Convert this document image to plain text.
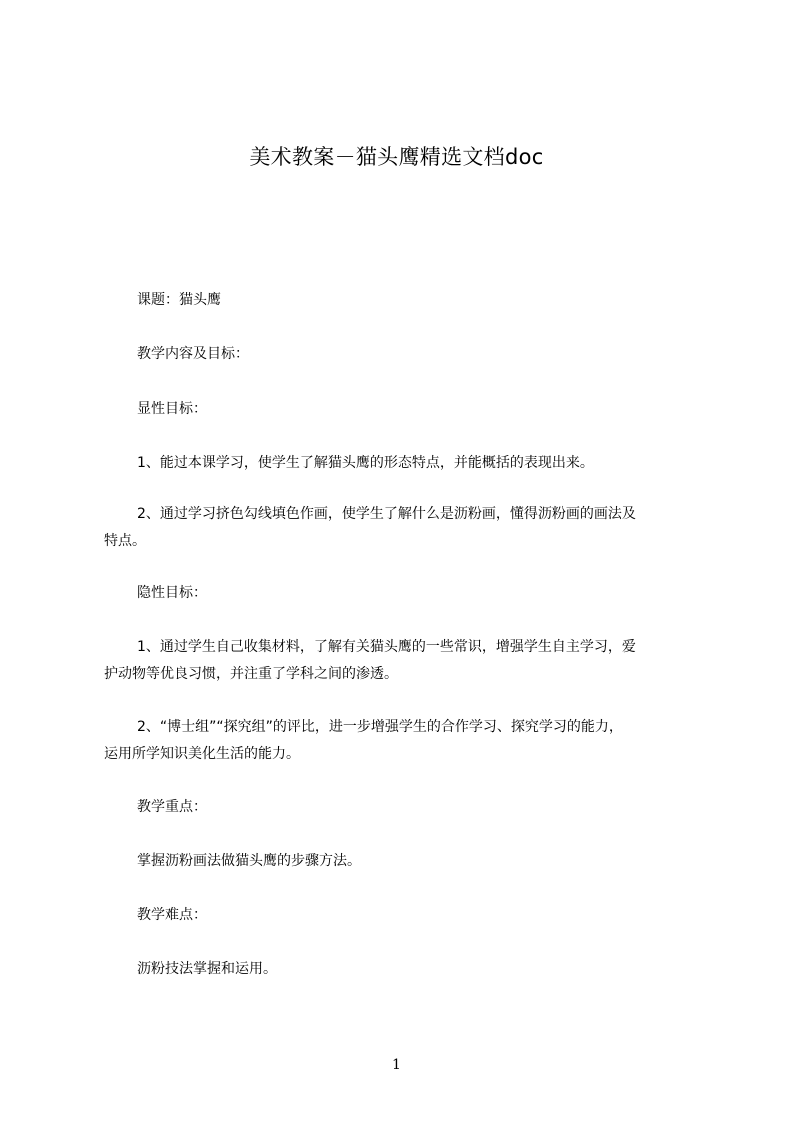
美术教案－猫头鹰精选文档doc
课题：猫头鹰
教学内容及目标：
显性目标：
1、能过本课学习，使学生了解猫头鹰的形态特点，并能概括的表现出来。
2、通过学习挤色勾线填色作画，使学生了解什么是沥粉画，懂得沥粉画的画法及
特点。
隐性目标：
1、通过学生自己收集材料，了解有关猫头鹰的一些常识，增强学生自主学习，爱
护动物等优良习惯，并注重了学科之间的渗透。
2、“博士组”“探究组”的评比，进一步增强学生的合作学习、探究学习的能力，
运用所学知识美化生活的能力。
教学重点：
掌握沥粉画法做猫头鹰的步骤方法。
教学难点：
沥粉技法掌握和运用。
1
